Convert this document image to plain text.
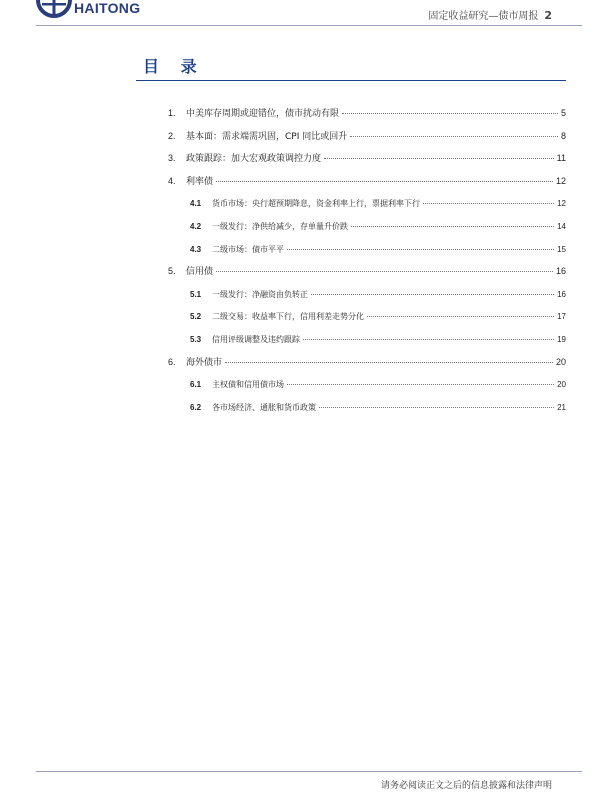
HAITONG
固定收益研究—债市周报 2
目 录
1.	中美库存周期或迎错位，债市扰动有限	5
2.	基本面：需求端需巩固，CPI 同比或回升	8
3.	政策跟踪：加大宏观政策调控力度	11
4.	利率债	12
4.1	货币市场：央行超预期降息，资金利率上行，票据利率下行	12
4.2	一级发行：净供给减少，存单量升价跌	14
4.3	二级市场：债市平平	15
5.	信用债	16
5.1	一级发行：净融资由负转正	16
5.2	二级交易：收益率下行，信用利差走势分化	17
5.3	信用评级调整及违约跟踪	19
6.	海外债市	20
6.1	主权债和信用债市场	20
6.2	各市场经济、通胀和货币政策	21
请务必阅读正文之后的信息披露和法律声明
